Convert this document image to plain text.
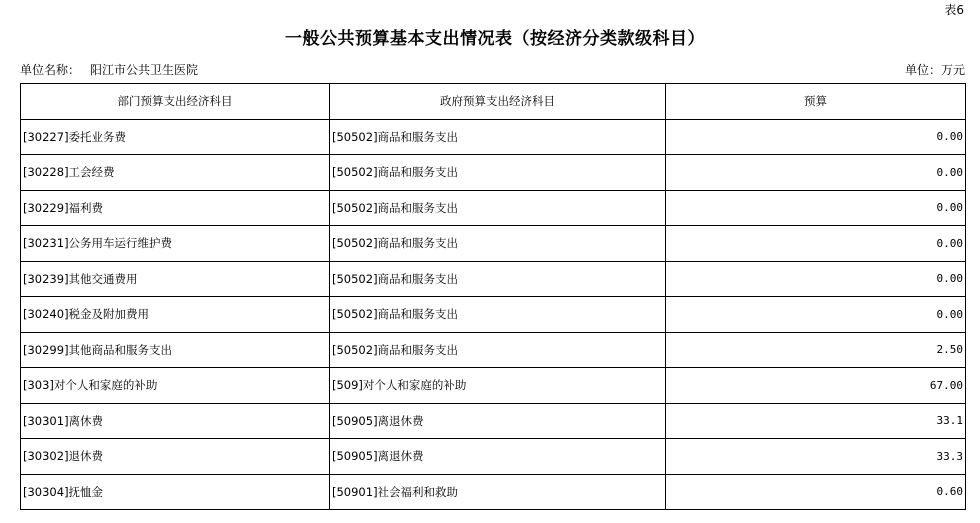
表6
一般公共预算基本支出情况表（按经济分类款级科目）
单位名称： 阳江市公共卫生医院	单位：万元
部门预算支出经济科目	政府预算支出经济科目	预算
[30227]委托业务费	[50502]商品和服务支出	0.00
[30228]工会经费	[50502]商品和服务支出	0.00
[30229]福利费	[50502]商品和服务支出	0.00
[30231]公务用车运行维护费	[50502]商品和服务支出	0.00
[30239]其他交通费用	[50502]商品和服务支出	0.00
[30240]税金及附加费用	[50502]商品和服务支出	0.00
[30299]其他商品和服务支出	[50502]商品和服务支出	2.50
[303]对个人和家庭的补助	[509]对个人和家庭的补助	67.00
[30301]离休费	[50905]离退休费	33.1
[30302]退休费	[50905]离退休费	33.3
[30304]抚恤金	[50901]社会福利和救助	0.60
